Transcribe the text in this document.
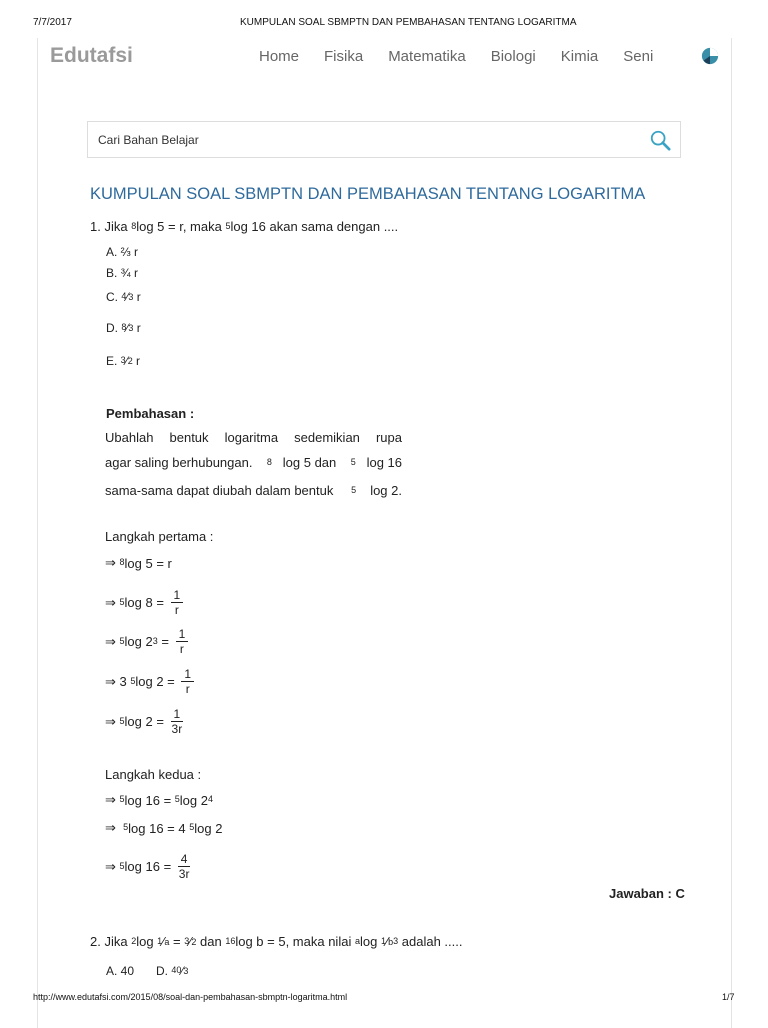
7/7/2017	KUMPULAN SOAL SBMPTN DAN PEMBAHASAN TENTANG LOGARITMA
Edutafsi	Home Fisika Matematika Biologi Kimia Seni
Cari Bahan Belajar
KUMPULAN SOAL SBMPTN DAN PEMBAHASAN TENTANG LOGARITMA
1. Jika $^8$ log 5 = r, maka $^5$ log 16 akan sama dengan ....
A. ⅔ r
B. ¾ r
C. $^4$ ⁄ 3 r
D. $^8$ ⁄ 3 r
E. $^3$ ⁄ 2 r
Pembahasan :
Ubahlah bentuk logaritma sedemikian rupa
agar saling berhubungan. $^8$ log 5 dan $^5$ log 16
sama-sama dapat diubah dalam bentuk $^5$ log 2.
Langkah pertama :
⇒ $^8$ log 5 = r
⇒ $^5$ $\log 8 = \frac{1}{r}$
⇒ $^5$ $\log 2^3 = \frac{1}{r}$
⇒ 3 $^5$ $\log 2 = \frac{1}{r}$
⇒ $^5$ $\log 2 = \frac{1}{3r}$
Langkah kedua :
⇒ $^5$ log 16 = $^5$ $\log 2^4$
⇒ $^5$ log 16 = 4 $^5$ log 2
⇒ $^5$ $\log 16 = \frac{4}{3r}$
Jawaban : C
2. Jika $^2$ log $^1$ ⁄ a = $^3$ ⁄ 2 dan $^{16}$ log b = 5, maka nilai $^a$ log $^1$ ⁄ $b^3$ adalah .....
A. 40 D. $^{40}$ ⁄ 3
http://www.edutafsi.com/2015/08/soal-dan-pembahasan-sbmptn-logaritma.html	1/7
